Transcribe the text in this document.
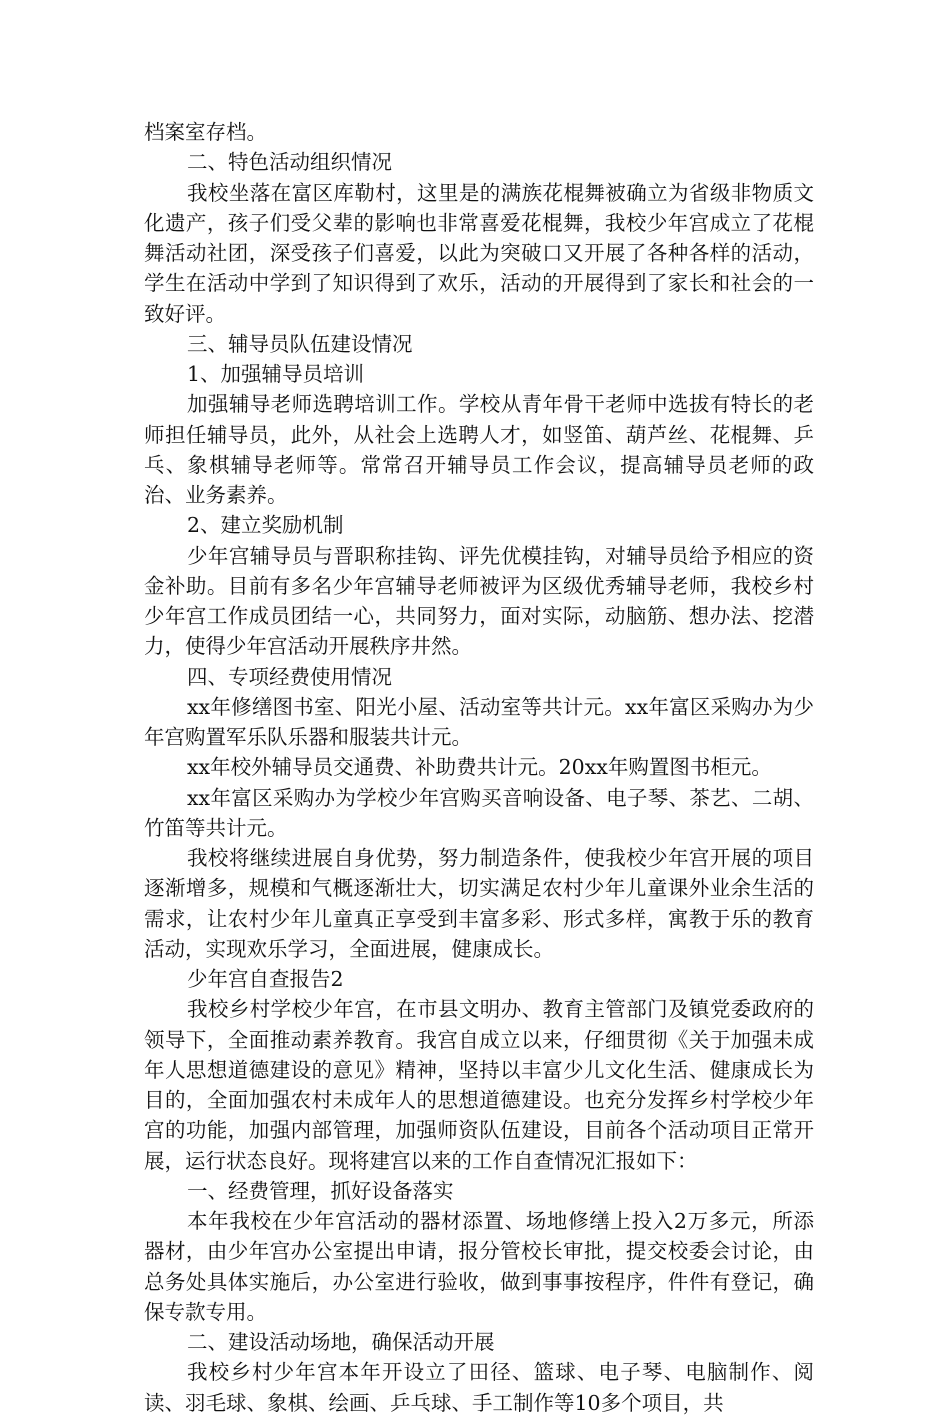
档案室存档。

二、特色活动组织情况

我校坐落在富区库勒村，这里是的满族花棍舞被确立为省级非物质文化遗产，孩子们受父辈的影响也非常喜爱花棍舞，我校少年宫成立了花棍舞活动社团，深受孩子们喜爱，以此为突破口又开展了各种各样的活动，学生在活动中学到了知识得到了欢乐，活动的开展得到了家长和社会的一致好评。

三、辅导员队伍建设情况

1、加强辅导员培训

加强辅导老师选聘培训工作。学校从青年骨干老师中选拔有特长的老师担任辅导员，此外，从社会上选聘人才，如竖笛、葫芦丝、花棍舞、乒乓、象棋辅导老师等。常常召开辅导员工作会议，提高辅导员老师的政治、业务素养。

2、建立奖励机制

少年宫辅导员与晋职称挂钩、评先优模挂钩，对辅导员给予相应的资金补助。目前有多名少年宫辅导老师被评为区级优秀辅导老师，我校乡村少年宫工作成员团结一心，共同努力，面对实际，动脑筋、想办法、挖潜力，使得少年宫活动开展秩序井然。

四、专项经费使用情况

xx年修缮图书室、阳光小屋、活动室等共计元。xx年富区采购办为少年宫购置军乐队乐器和服装共计元。

xx年校外辅导员交通费、补助费共计元。20xx年购置图书柜元。

xx年富区采购办为学校少年宫购买音响设备、电子琴、茶艺、二胡、竹笛等共计元。

我校将继续进展自身优势，努力制造条件，使我校少年宫开展的项目逐渐增多，规模和气概逐渐壮大，切实满足农村少年儿童课外业余生活的需求，让农村少年儿童真正享受到丰富多彩、形式多样，寓教于乐的教育活动，实现欢乐学习，全面进展，健康成长。

少年宫自查报告2

我校乡村学校少年宫，在市县文明办、教育主管部门及镇党委政府的领导下，全面推动素养教育。我宫自成立以来，仔细贯彻《关于加强未成年人思想道德建设的意见》精神，坚持以丰富少儿文化生活、健康成长为目的，全面加强农村未成年人的思想道德建设。也充分发挥乡村学校少年宫的功能，加强内部管理，加强师资队伍建设，目前各个活动项目正常开展，运行状态良好。现将建宫以来的工作自查情况汇报如下：

一、经费管理，抓好设备落实

本年我校在少年宫活动的器材添置、场地修缮上投入2万多元，所添器材，由少年宫办公室提出申请，报分管校长审批，提交校委会讨论，由总务处具体实施后，办公室进行验收，做到事事按程序，件件有登记，确保专款专用。

二、建设活动场地，确保活动开展

我校乡村少年宫本年开设立了田径、篮球、电子琴、电脑制作、阅读、羽毛球、象棋、绘画、乒乓球、手工制作等10多个项目，共
